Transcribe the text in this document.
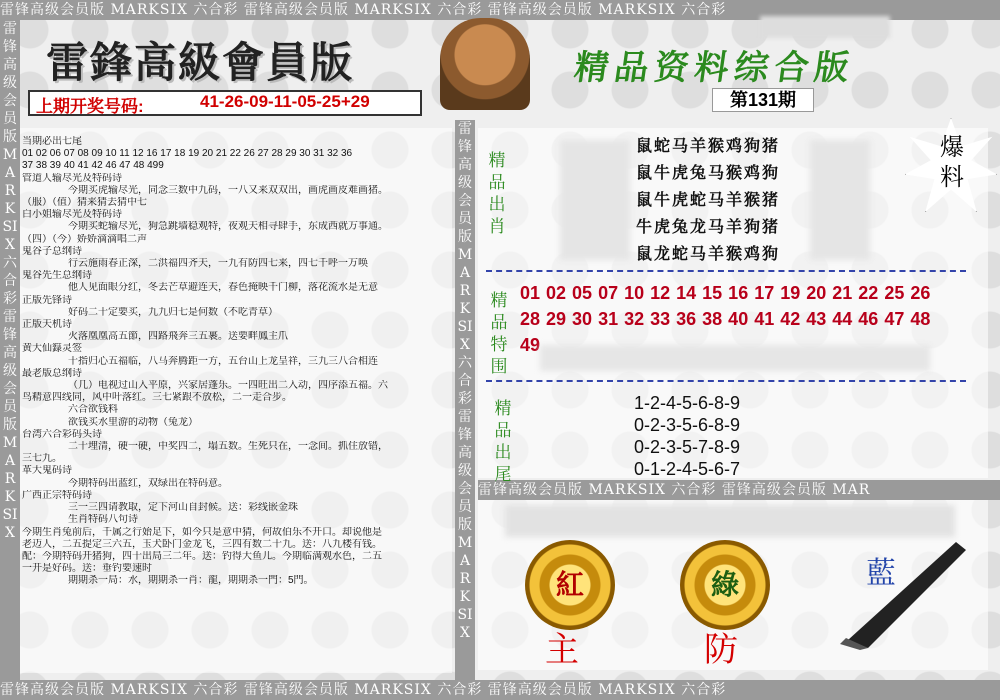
雷锋高级会员版 MARKSIX 六合彩 雷锋高级会员版 MARKSIX 六合彩 雷锋高级会员版 MARKSIX 六合彩
雷锋高级会员版 MARKSIX 六合彩 雷锋高级会员版 MARKSIX 六合彩 雷锋高级会员版 MARKSIX 六合彩
雷锋高级会员版 MARKSIX 六合彩 雷锋高级会员版 MAR
雷锋高级会员版MARKSIX六合彩雷锋高级会员版MARKSIX
雷锋高级会员版MARKSIX六合彩雷锋高级会员版MARKSIX
雷鋒高級會員版
上期开奖号码:	41-26-09-11-05-25+29
精品资料综合版
第131期
当期必出七尾
01 02 06 07 08 09 10 11 12 16 17 18 19 20 21 22 26 27 28 29 30 31 32 36
37 38 39 40 41 42 46 47 48 499
管道人输尽光及特码诗
今期买虎输尽光，同念三数中九码，一八又来双双出，画虎画皮难画猪。
（服）（值）猜来猜去猜中七
白小姐输尽光及特码诗
今期买蛇输尽光，狗急跳墙稳观特，夜观天相寻肆手，东成西就万事通。
（四）（今）娇娇滴滴唱二声
鬼谷子总纲诗
行云施雨春正深，二洪福四齐天，一九有防四七来，四七千呼一万唤
鬼谷先生总纲诗
他人见面眼分红，冬去芒草避连天，春色掩映千门柳，落花流水是无意
正版先锋诗
好码二十定要买，九九归七是何数（不吃青草）
正版天机诗
火落凰凰高五節，四路飛奔三五裹。送要畔鳳主爪
黄大仙籙灵签
十指归心五福临，八马奔腾距一方，五台山上龙呈祥，三九三八合相连
最老版总纲诗
（几）电视过山入平原，兴家居蓬乐。一四旺出二入动，四序添五福。六
鸟精意四线同，风中叶落红。三七紧跟不放松，二一走合步。
六合欲钱料
欲钱买水里游的动物（兔龙）
台湾六合彩码头诗
二十埋清，硬一硬，中奖四二，塌五数。生死只在，一念间。抓住放错，
三七九。
革大鬼码诗
今期特码出蓝红，双绿出在特码意。
广西正宗特码诗
三一三四请教取，定下河山自封候。送：彩线嵌金珠
生肖特码八句诗
今期生肖兔前后，千属之行始足下，如今只是意中猜，何故伯乐不开口。却说他是
老迈人，二五提定三六五，玉犬卧门金龙飞，三四有数二十九。送：八九楼有钱。
配：今期特码开猪狗，四十出局三二年。送：钓得大鱼儿。今期临满观水色，二五
一开是好码。送：垂钓要速时
期期杀一局：水，期期杀一肖：龍，期期杀一門：5門。
精品出肖
鼠蛇马羊猴鸡狗猪
鼠牛虎兔马猴鸡狗
鼠牛虎蛇马羊猴猪
牛虎兔龙马羊狗猪
鼠龙蛇马羊猴鸡狗
精品特围
01 02 05 07 10 12 14 15 16 17 19 20 21 22 25 26
28 29 30 31 32 33 36 38 40 41 42 43 44 46 47 48
49
精品出尾
1-2-4-5-6-8-9
0-2-3-5-6-8-9
0-2-3-5-7-8-9
0-1-2-4-5-6-7
爆料
紅	綠	藍
主	防
